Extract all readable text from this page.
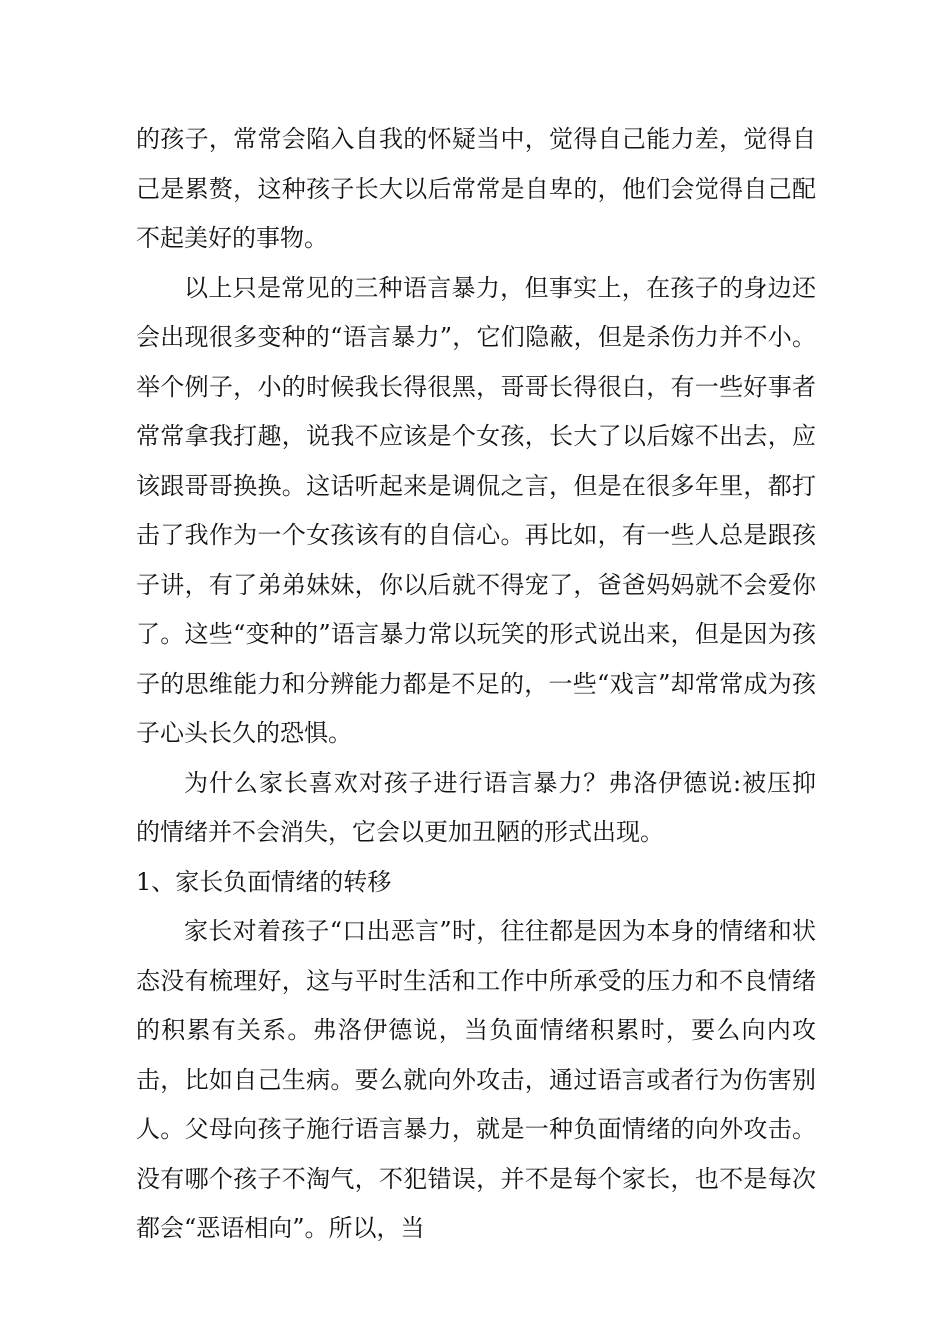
的孩子，常常会陷入自我的怀疑当中，觉得自己能力差，觉得自己是累赘，这种孩子长大以后常常是自卑的，他们会觉得自己配不起美好的事物。

以上只是常见的三种语言暴力，但事实上，在孩子的身边还会出现很多变种的“语言暴力”，它们隐蔽，但是杀伤力并不小。举个例子，小的时候我长得很黑，哥哥长得很白，有一些好事者常常拿我打趣，说我不应该是个女孩，长大了以后嫁不出去，应该跟哥哥换换。这话听起来是调侃之言，但是在很多年里，都打击了我作为一个女孩该有的自信心。再比如，有一些人总是跟孩子讲，有了弟弟妹妹，你以后就不得宠了，爸爸妈妈就不会爱你了。这些“变种的”语言暴力常以玩笑的形式说出来，但是因为孩子的思维能力和分辨能力都是不足的，一些“戏言”却常常成为孩子心头长久的恐惧。

为什么家长喜欢对孩子进行语言暴力？弗洛伊德说:被压抑的情绪并不会消失，它会以更加丑陋的形式出现。

1、家长负面情绪的转移

家长对着孩子“口出恶言”时，往往都是因为本身的情绪和状态没有梳理好，这与平时生活和工作中所承受的压力和不良情绪的积累有关系。弗洛伊德说，当负面情绪积累时，要么向内攻击，比如自己生病。要么就向外攻击，通过语言或者行为伤害别人。父母向孩子施行语言暴力，就是一种负面情绪的向外攻击。没有哪个孩子不淘气，不犯错误，并不是每个家长，也不是每次都会“恶语相向”。所以，当
